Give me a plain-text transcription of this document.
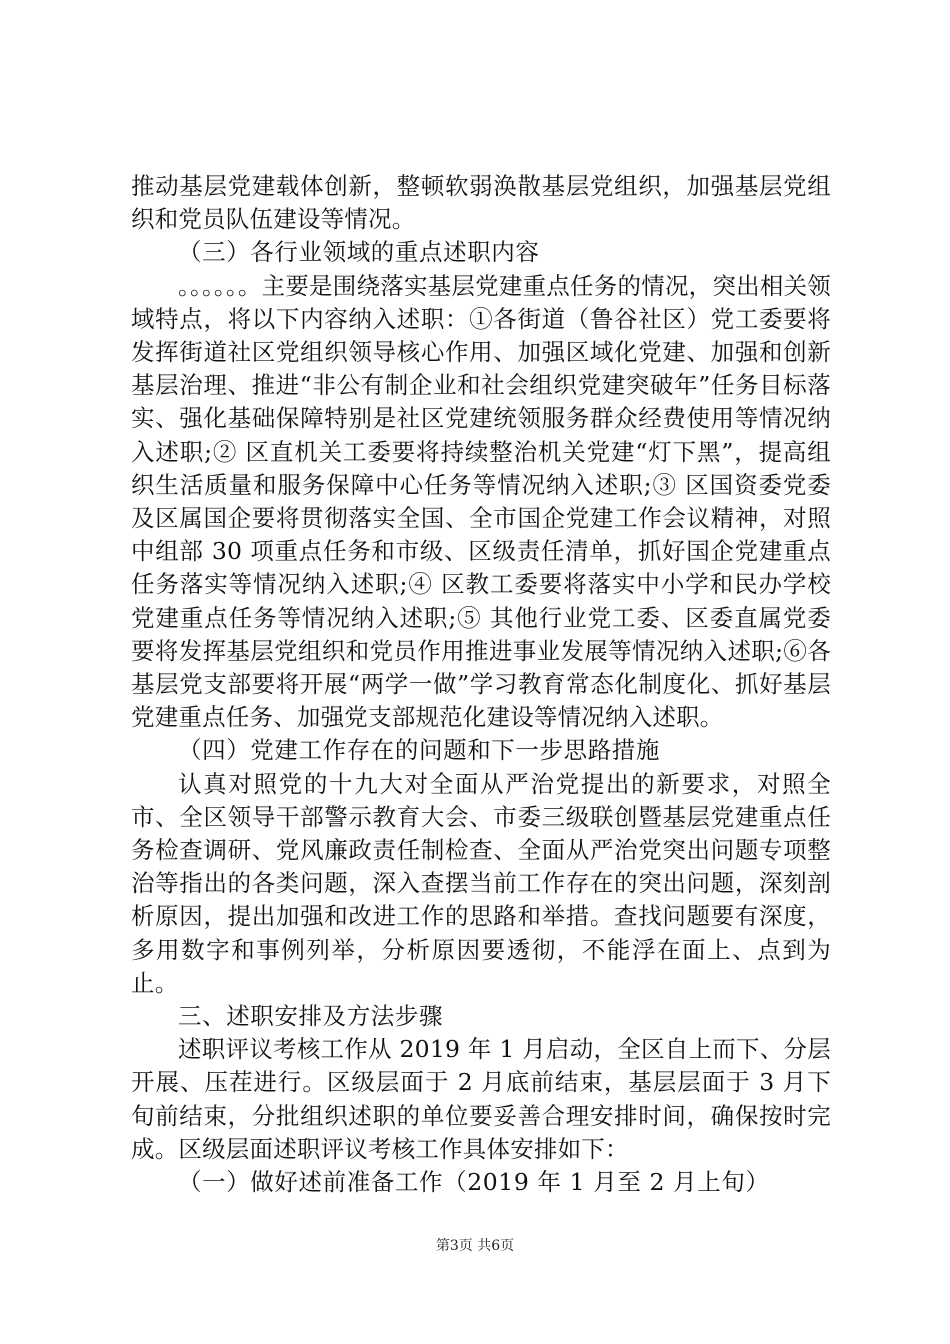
推动基层党建载体创新，整顿软弱涣散基层党组织，加强基层党组织和党员队伍建设等情况。

（三）各行业领域的重点述职内容

。。。。。。主要是围绕落实基层党建重点任务的情况，突出相关领域特点，将以下内容纳入述职：①各街道（鲁谷社区）党工委要将发挥街道社区党组织领导核心作用、加强区域化党建、加强和创新基层治理、推进“非公有制企业和社会组织党建突破年”任务目标落实、强化基础保障特别是社区党建统领服务群众经费使用等情况纳入述职;② 区直机关工委要将持续整治机关党建“灯下黑”，提高组织生活质量和服务保障中心任务等情况纳入述职;③ 区国资委党委及区属国企要将贯彻落实全国、全市国企党建工作会议精神，对照中组部 30 项重点任务和市级、区级责任清单，抓好国企党建重点任务落实等情况纳入述职;④ 区教工委要将落实中小学和民办学校党建重点任务等情况纳入述职;⑤ 其他行业党工委、区委直属党委要将发挥基层党组织和党员作用推进事业发展等情况纳入述职;⑥各基层党支部要将开展“两学一做”学习教育常态化制度化、抓好基层党建重点任务、加强党支部规范化建设等情况纳入述职。

（四）党建工作存在的问题和下一步思路措施

认真对照党的十九大对全面从严治党提出的新要求，对照全市、全区领导干部警示教育大会、市委三级联创暨基层党建重点任务检查调研、党风廉政责任制检查、全面从严治党突出问题专项整治等指出的各类问题，深入查摆当前工作存在的突出问题，深刻剖析原因，提出加强和改进工作的思路和举措。查找问题要有深度，多用数字和事例列举，分析原因要透彻，不能浮在面上、点到为止。

三、述职安排及方法步骤

述职评议考核工作从 2019 年 1 月启动，全区自上而下、分层开展、压茬进行。区级层面于 2 月底前结束，基层层面于 3 月下旬前结束，分批组织述职的单位要妥善合理安排时间，确保按时完成。区级层面述职评议考核工作具体安排如下：

（一）做好述前准备工作（2019 年 1 月至 2 月上旬）

第3页 共6页
